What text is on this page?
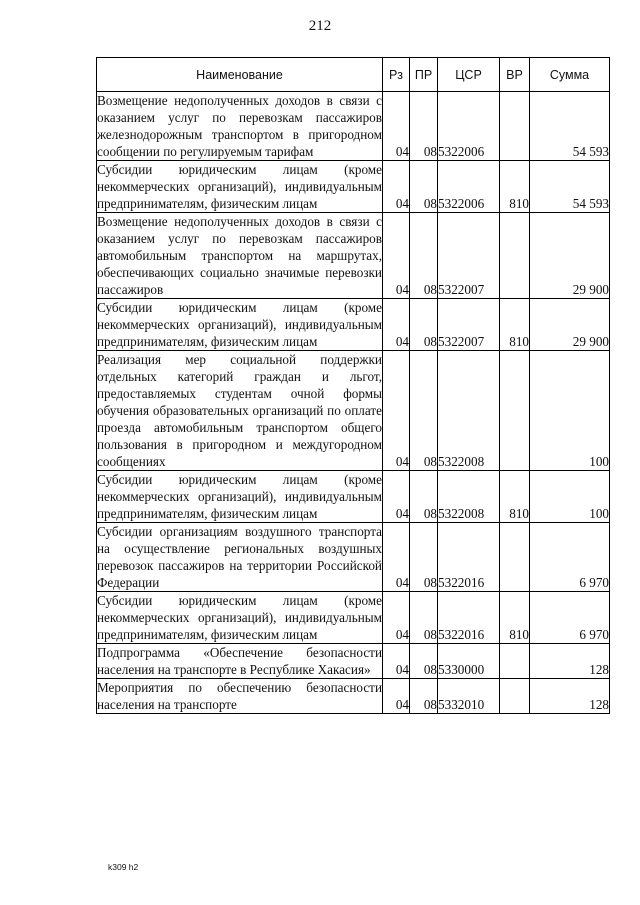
212
Наименование	Рз	ПР	ЦСР	ВР	Сумма
Возмещение недополученных доходов в связи с оказанием услуг по перевозкам пассажиров железнодорожным транспортом в пригородном сообщении по регулируемым тарифам	04	08	5322006		54 593
Субсидии юридическим лицам (кроме некоммерческих организаций), индивидуальным предпринимателям, физическим лицам	04	08	5322006	810	54 593
Возмещение недополученных доходов в связи с оказанием услуг по перевозкам пассажиров автомобильным транспортом на маршрутах, обеспечивающих социально значимые перевозки пассажиров	04	08	5322007		29 900
Субсидии юридическим лицам (кроме некоммерческих организаций), индивидуальным предпринимателям, физическим лицам	04	08	5322007	810	29 900
Реализация мер социальной поддержки отдельных категорий граждан и льгот, предоставляемых студентам очной формы обучения образовательных организаций по оплате проезда автомобильным транспортом общего пользования в пригородном и междугородном сообщениях	04	08	5322008		100
Субсидии юридическим лицам (кроме некоммерческих организаций), индивидуальным предпринимателям, физическим лицам	04	08	5322008	810	100
Субсидии организациям воздушного транспорта на осуществление региональных воздушных перевозок пассажиров на территории Российской Федерации	04	08	5322016		6 970
Субсидии юридическим лицам (кроме некоммерческих организаций), индивидуальным предпринимателям, физическим лицам	04	08	5322016	810	6 970
Подпрограмма «Обеспечение безопасности населения на транспорте в Республике Хакасия»	04	08	5330000		128
Мероприятия по обеспечению безопасности населения на транспорте	04	08	5332010		128
k309 h2
